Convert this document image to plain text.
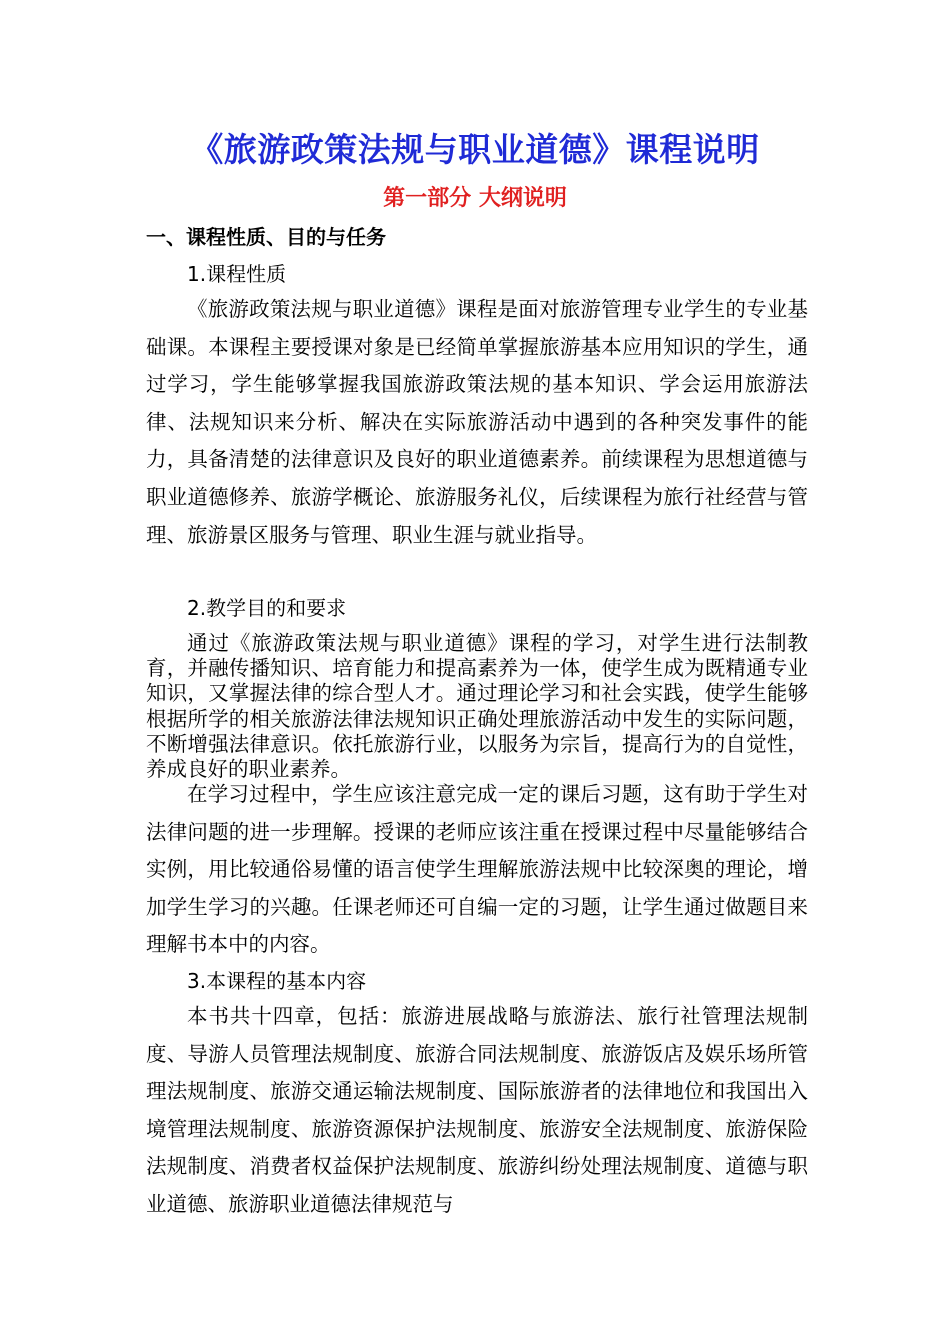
《旅游政策法规与职业道德》课程说明
第一部分 大纲说明
一、课程性质、目的与任务
1.课程性质

《旅游政策法规与职业道德》课程是面对旅游管理专业学生的专业基础课。本课程主要授课对象是已经简单掌握旅游基本应用知识的学生，通过学习，学生能够掌握我国旅游政策法规的基本知识、学会运用旅游法律、法规知识来分析、解决在实际旅游活动中遇到的各种突发事件的能力，具备清楚的法律意识及良好的职业道德素养。前续课程为思想道德与职业道德修养、旅游学概论、旅游服务礼仪，后续课程为旅行社经营与管理、旅游景区服务与管理、职业生涯与就业指导。

2.教学目的和要求

通过《旅游政策法规与职业道德》课程的学习，对学生进行法制教育，并融传播知识、培育能力和提高素养为一体，使学生成为既精通专业知识，又掌握法律的综合型人才。通过理论学习和社会实践，使学生能够根据所学的相关旅游法律法规知识正确处理旅游活动中发生的实际问题，不断增强法律意识。依托旅游行业，以服务为宗旨，提高行为的自觉性，养成良好的职业素养。

在学习过程中，学生应该注意完成一定的课后习题，这有助于学生对法律问题的进一步理解。授课的老师应该注重在授课过程中尽量能够结合实例，用比较通俗易懂的语言使学生理解旅游法规中比较深奥的理论，增加学生学习的兴趣。任课老师还可自编一定的习题，让学生通过做题目来理解书本中的内容。

3.本课程的基本内容

本书共十四章，包括：旅游进展战略与旅游法、旅行社管理法规制度、导游人员管理法规制度、旅游合同法规制度、旅游饭店及娱乐场所管理法规制度、旅游交通运输法规制度、国际旅游者的法律地位和我国出入境管理法规制度、旅游资源保护法规制度、旅游安全法规制度、旅游保险法规制度、消费者权益保护法规制度、旅游纠纷处理法规制度、道德与职业道德、旅游职业道德法律规范与
